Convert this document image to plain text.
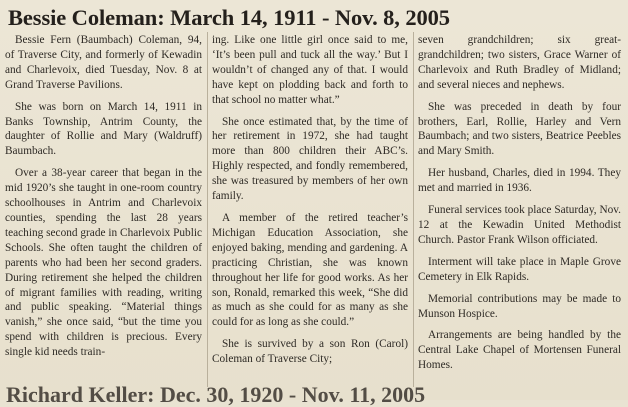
Bessie Coleman: March 14, 1911 - Nov. 8, 2005

Bessie Fern (Baumbach) Coleman, 94, of Traverse City, and formerly of Kewadin and Charlevoix, died Tuesday, Nov. 8 at Grand Traverse Pavilions.

She was born on March 14, 1911 in Banks Township, Antrim County, the daughter of Rollie and Mary (Waldruff) Baumbach.

Over a 38-year career that began in the mid 1920’s she taught in one-room country schoolhouses in Antrim and Charlevoix counties, spending the last 28 years teaching second grade in Charlevoix Public Schools. She often taught the children of parents who had been her second graders. During retirement she helped the children of migrant families with reading, writing and public speaking. “Material things vanish,” she once said, “but the time you spend with children is precious. Every single kid needs train-

ing. Like one little girl once said to me, ‘It’s been pull and tuck all the way.’ But I wouldn’t of changed any of that. I would have kept on plodding back and forth to that school no matter what.”

She once estimated that, by the time of her retirement in 1972, she had taught more than 800 children their ABC’s. Highly respected, and fondly remembered, she was treasured by members of her own family.

A member of the retired teacher’s Michigan Education Association, she enjoyed baking, mending and gardening. A practicing Christian, she was known throughout her life for good works. As her son, Ronald, remarked this week, “She did as much as she could for as many as she could for as long as she could.”

She is survived by a son Ron (Carol) Coleman of Traverse City;

seven grandchildren; six great-grandchildren; two sisters, Grace Warner of Charlevoix and Ruth Bradley of Midland; and several nieces and nephews.

She was preceded in death by four brothers, Earl, Rollie, Harley and Vern Baumbach; and two sisters, Beatrice Peebles and Mary Smith.

Her husband, Charles, died in 1994. They met and married in 1936.

Funeral services took place Saturday, Nov. 12 at the Kewadin United Methodist Church. Pastor Frank Wilson officiated.

Interment will take place in Maple Grove Cemetery in Elk Rapids.

Memorial contributions may be made to Munson Hospice.

Arrangements are being handled by the Central Lake Chapel of Mortensen Funeral Homes.

Richard Keller: Dec. 30, 1920 - Nov. 11, 2005
